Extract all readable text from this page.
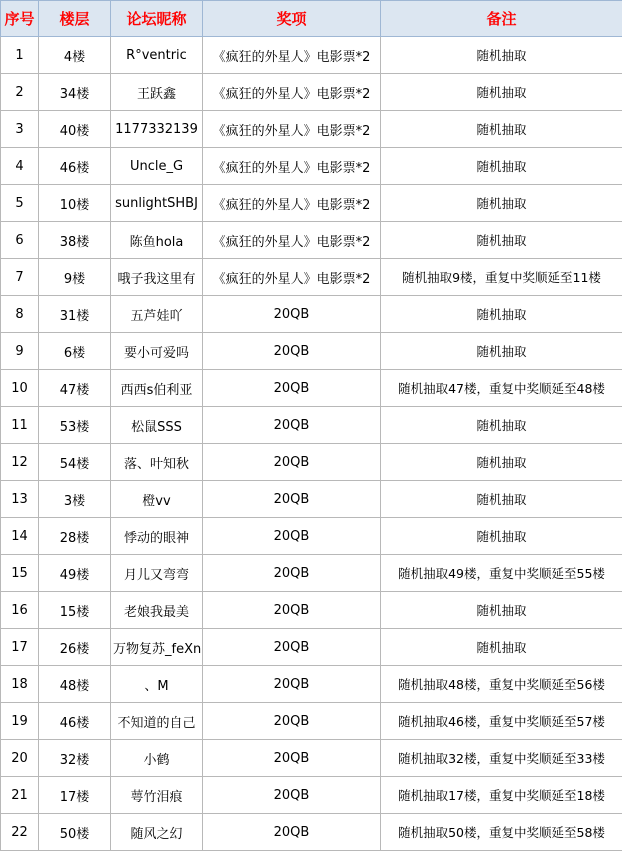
序号	楼层	论坛昵称	奖项	备注
1	4楼	R°ventric	《疯狂的外星人》电影票*2	随机抽取
2	34楼	王跃鑫	《疯狂的外星人》电影票*2	随机抽取
3	40楼	1177332139	《疯狂的外星人》电影票*2	随机抽取
4	46楼	Uncle_G	《疯狂的外星人》电影票*2	随机抽取
5	10楼	sunlightSHBJ	《疯狂的外星人》电影票*2	随机抽取
6	38楼	陈鱼hola	《疯狂的外星人》电影票*2	随机抽取
7	9楼	哦子我这里有	《疯狂的外星人》电影票*2	随机抽取9楼，重复中奖顺延至11楼
8	31楼	五芦娃吖	20QB	随机抽取
9	6楼	要小可爱吗	20QB	随机抽取
10	47楼	西西s伯利亚	20QB	随机抽取47楼，重复中奖顺延至48楼
11	53楼	松鼠SSS	20QB	随机抽取
12	54楼	落、叶知秋	20QB	随机抽取
13	3楼	橙vv	20QB	随机抽取
14	28楼	悸动的眼神	20QB	随机抽取
15	49楼	月儿又弯弯	20QB	随机抽取49楼，重复中奖顺延至55楼
16	15楼	老娘我最美	20QB	随机抽取
17	26楼	万物复苏_feXn	20QB	随机抽取
18	48楼	、M	20QB	随机抽取48楼，重复中奖顺延至56楼
19	46楼	不知道的自己	20QB	随机抽取46楼，重复中奖顺延至57楼
20	32楼	小鹤	20QB	随机抽取32楼，重复中奖顺延至33楼
21	17楼	萼竹泪痕	20QB	随机抽取17楼，重复中奖顺延至18楼
22	50楼	随风之幻	20QB	随机抽取50楼，重复中奖顺延至58楼
